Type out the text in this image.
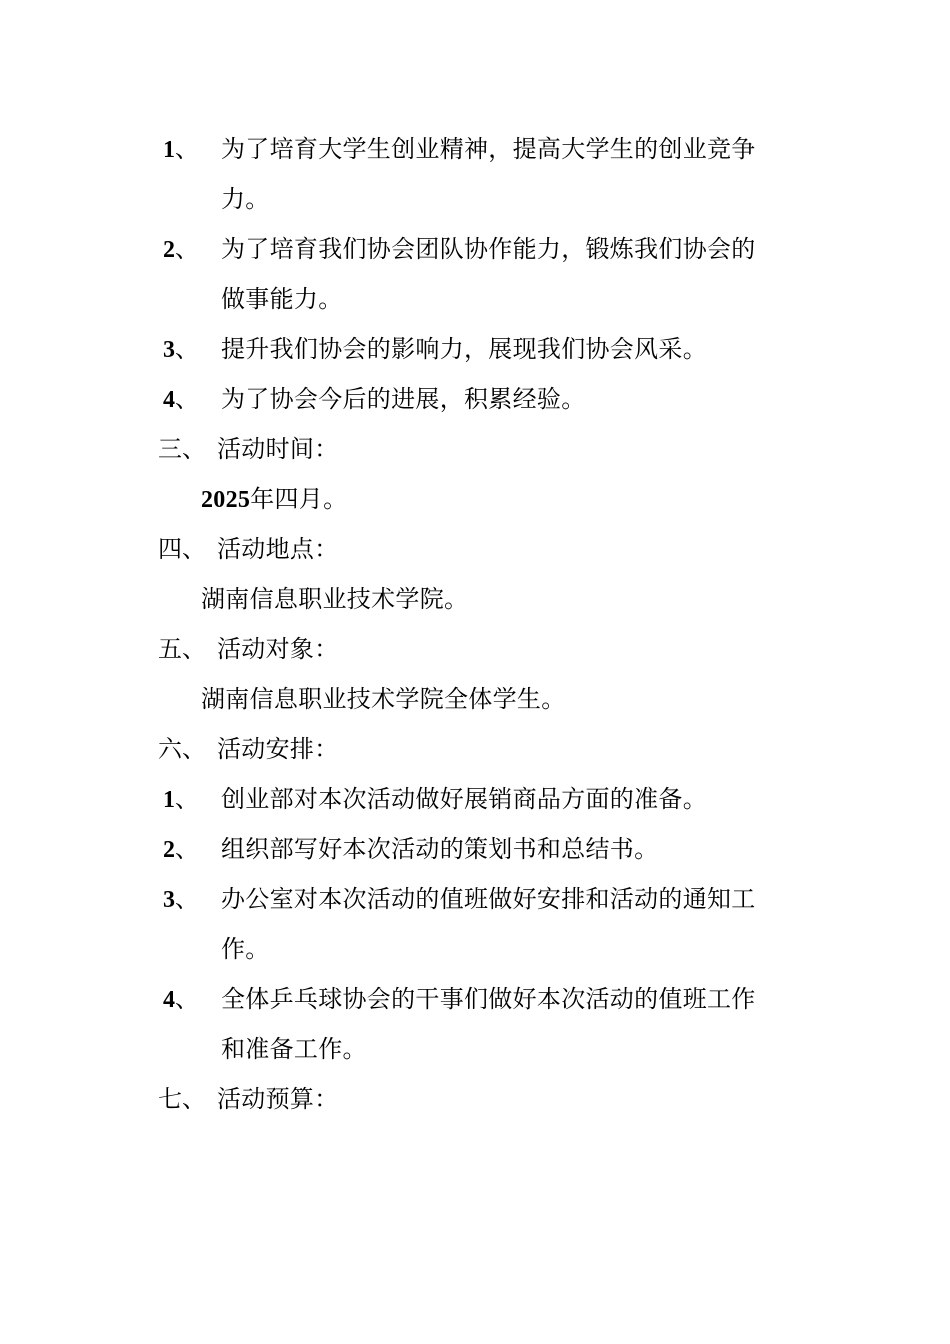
1、 为了培育大学生创业精神，提高大学生的创业竞争
力。
2、 为了培育我们协会团队协作能力，锻炼我们协会的
做事能力。
3、 提升我们协会的影响力，展现我们协会风采。
4、 为了协会今后的进展，积累经验。
三、 活动时间：
2025年四月。
四、 活动地点：
湖南信息职业技术学院。
五、 活动对象：
湖南信息职业技术学院全体学生。
六、 活动安排：
1、 创业部对本次活动做好展销商品方面的准备。
2、 组织部写好本次活动的策划书和总结书。
3、 办公室对本次活动的值班做好安排和活动的通知工
作。
4、 全体乒乓球协会的干事们做好本次活动的值班工作
和准备工作。
七、 活动预算：
